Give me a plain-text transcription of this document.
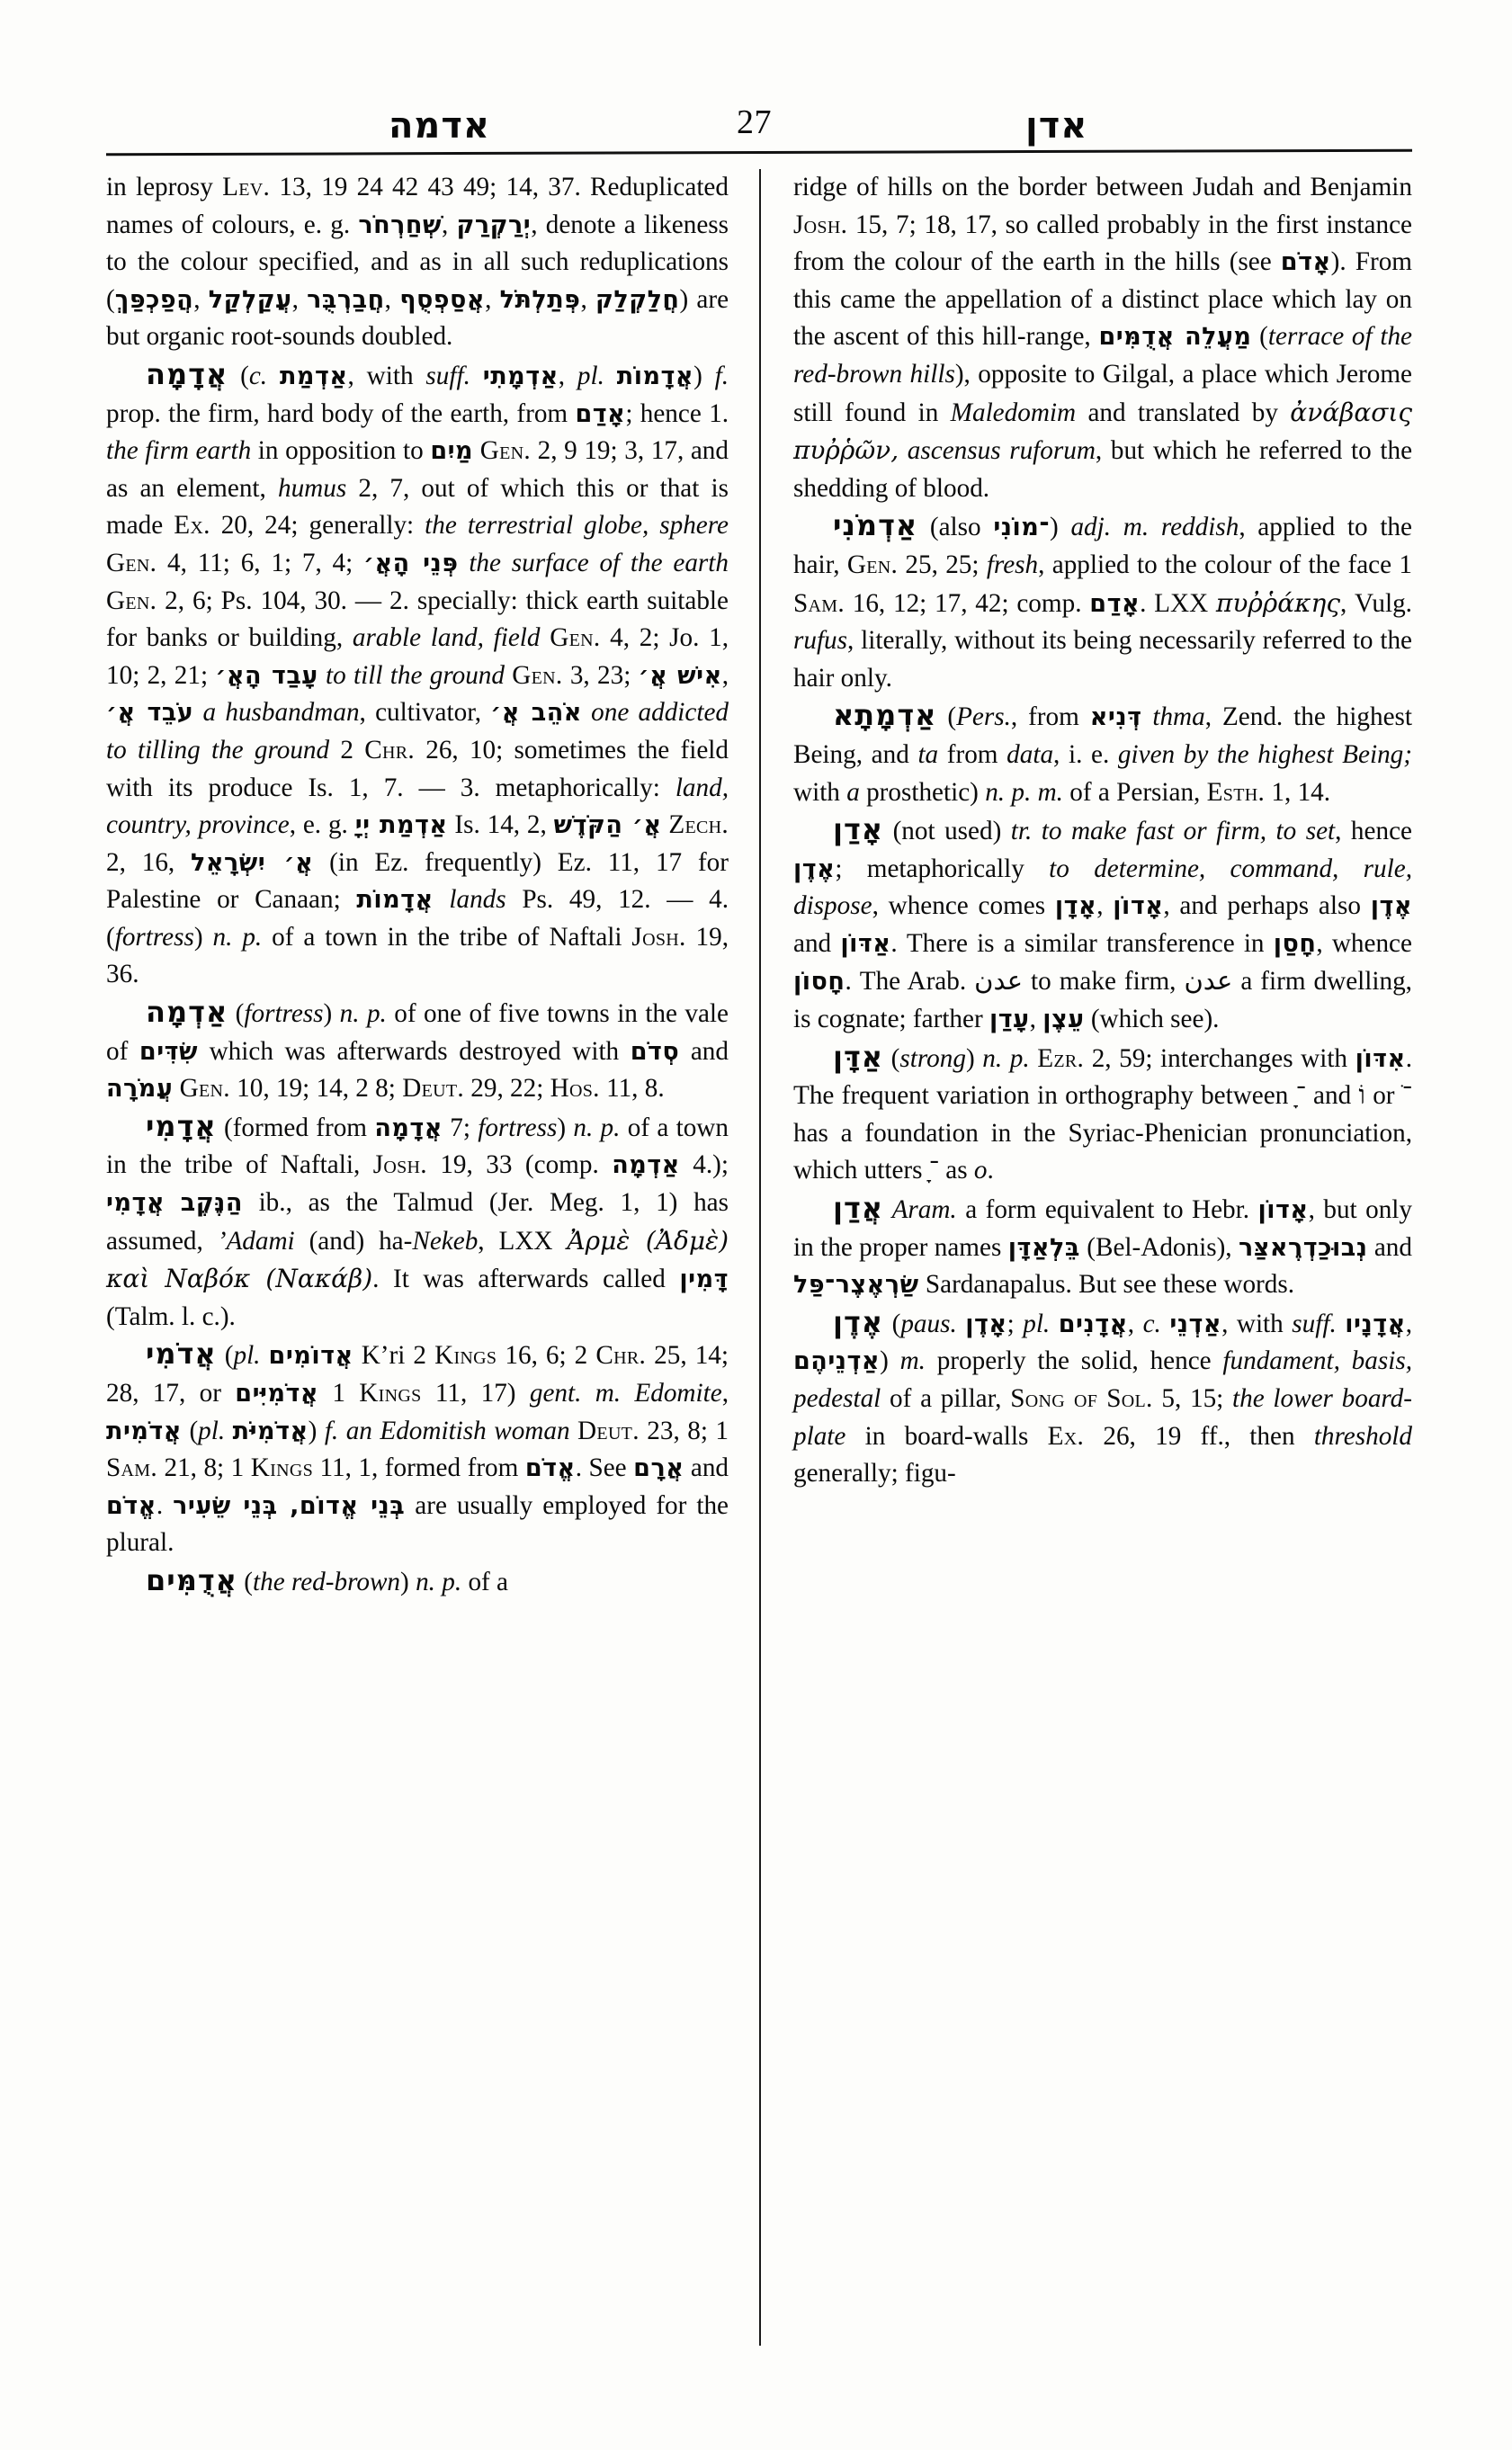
אדמה	27	אדן

in leprosy Lev. 13, 19 24 42 43 49; 14, 37. Reduplicated names of colours, e. g. שְׁחַרְחֹר, יְרַקְרַק, denote a likeness to the colour specified, and as in all such reduplications (הֲפַכְפַּךְ, עֲקַלְקַל, חֲבַרְבֻּר, אֲסַפְסֻף, פְּתַלְתֹּל, חֲלַקְלַק) are but organic root-sounds doubled.

אֲדָמָה (c. אַדְמַת, with suff. אַדְמָתִי, pl. אֲדָמוֹת) f. prop. the firm, hard body of the earth, from אָדַם; hence 1. the firm earth in opposition to מַיִם Gen. 2, 9 19; 3, 17, and as an element, humus 2, 7, out of which this or that is made Ex. 20, 24; generally: the terrestrial globe, sphere Gen. 4, 11; 6, 1; 7, 4; פְּנֵי הָאֲ׳ the surface of the earth Gen. 2, 6; Ps. 104, 30. — 2. specially: thick earth suitable for banks or building, arable land, field Gen. 4, 2; Jo. 1, 10; 2, 21; עָבַד הָאֲ׳ to till the ground Gen. 3, 23; אִישׁ אֲ׳, עֹבֵד אֲ׳ a husbandman, cultivator, אֹהֵב אֲ׳ one addicted to tilling the ground 2 Chr. 26, 10; sometimes the field with its produce Is. 1, 7. — 3. metaphorically: land, country, province, e. g. אַדְמַת יְיָ Is. 14, 2, אֲ׳ הַקֹּדֶשׁ Zech. 2, 16, אֲ׳ יִשְׂרָאֵל (in Ez. frequently) Ez. 11, 17 for Palestine or Canaan; אֲדָמוֹת lands Ps. 49, 12. — 4. (fortress) n. p. of a town in the tribe of Naftali Josh. 19, 36.

אַדְמָה (fortress) n. p. of one of five towns in the vale of שִׂדִּים which was afterwards destroyed with סְדֹם and עֲמֹרָה Gen. 10, 19; 14, 2 8; Deut. 29, 22; Hos. 11, 8.

אֲדָמִי (formed from אֲדָמָה 7; fortress) n. p. of a town in the tribe of Naftali, Josh. 19, 33 (comp. אַדְמָה 4.); אֲדָמִי הַנֶּקֶב ib., as the Talmud (Jer. Meg. 1, 1) has assumed, ’Adami (and) ha-Nekeb, LXX Ἀρμὲ (Ἀδμὲ) καὶ Ναβόκ (Νακάβ). It was afterwards called דָּמִין (Talm. l. c.).

אֲדֹמִי (pl. אֲדוֹמִים K’ri 2 Kings 16, 6; 2 Chr. 25, 14; 28, 17, or אֲדֹמִיִּים 1 Kings 11, 17) gent. m. Edomite, אֲדֹמִית (pl. אֲדֹמִיֹּת) f. an Edomitish woman Deut. 23, 8; 1 Sam. 21, 8; 1 Kings 11, 1, formed from אֱדֹם. See אֲרָם and אֱדֹם. בְּנֵי אֱדוֹם, בְּנֵי שֵׂעִיר are usually employed for the plural.

אֲדֻמִּים (the red-brown) n. p. of a

ridge of hills on the border between Judah and Benjamin Josh. 15, 7; 18, 17, so called probably in the first instance from the colour of the earth in the hills (see אָדֹם). From this came the appellation of a distinct place which lay on the ascent of this hill-range, מַעֲלֵה אֲדֻמִּים (terrace of the red-brown hills), opposite to Gilgal, a place which Jerome still found in Maledomim and translated by ἀνάβασις πυῤῥῶν, ascensus ruforum, but which he referred to the shedding of blood.

אַדְמֹנִי (also ־מוֹנִי) adj. m. reddish, applied to the hair, Gen. 25, 25; fresh, applied to the colour of the face 1 Sam. 16, 12; 17, 42; comp. אָדַם. LXX πυῤῥάκης, Vulg. rufus, literally, without its being necessarily referred to the hair only.

אַדְמָתָא (Pers., from דְּנִיא thma, Zend. the highest Being, and ta from data, i. e. given by the highest Being; with a prosthetic) n. p. m. of a Persian, Esth. 1, 14.

אָדַן (not used) tr. to make fast or firm, to set, hence אֶדֶן; metaphorically to determine, command, rule, dispose, whence comes אָדָן, אָדוֹן, and perhaps also אֶדֶן and אַדּוֹן. There is a similar transference in חָסַן, whence חָסוֹן. The Arab. عدن to make firm, عدن a firm dwelling, is cognate; farther עָדַן, עֵצֶן (which see).

אַדָּן (strong) n. p. Ezr. 2, 59; interchanges with אִדּוֹן. The frequent variation in orthography between ־ָ and וֹ or ־ֹ has a foundation in the Syriac-Phenician pronunciation, which utters ־ָ as o.

אֲדַן Aram. a form equivalent to Hebr. אָדוֹן, but only in the proper names בֵּלְאַדָּן (Bel-Adonis), נְבוּכַדְרֶאצַּר and שַׂרְאֶצֶר־פַּל Sardanapalus. But see these words.

אֶדֶן (paus. אָדֶן; pl. אֲדָנִים, c. אַדְנֵי, with suff. אֲדָנָיו, אַדְנֵיהֶם) m. properly the solid, hence fundament, basis, pedestal of a pillar, Song of Sol. 5, 15; the lower board-plate in board-walls Ex. 26, 19 ff., then threshold generally; figu-
